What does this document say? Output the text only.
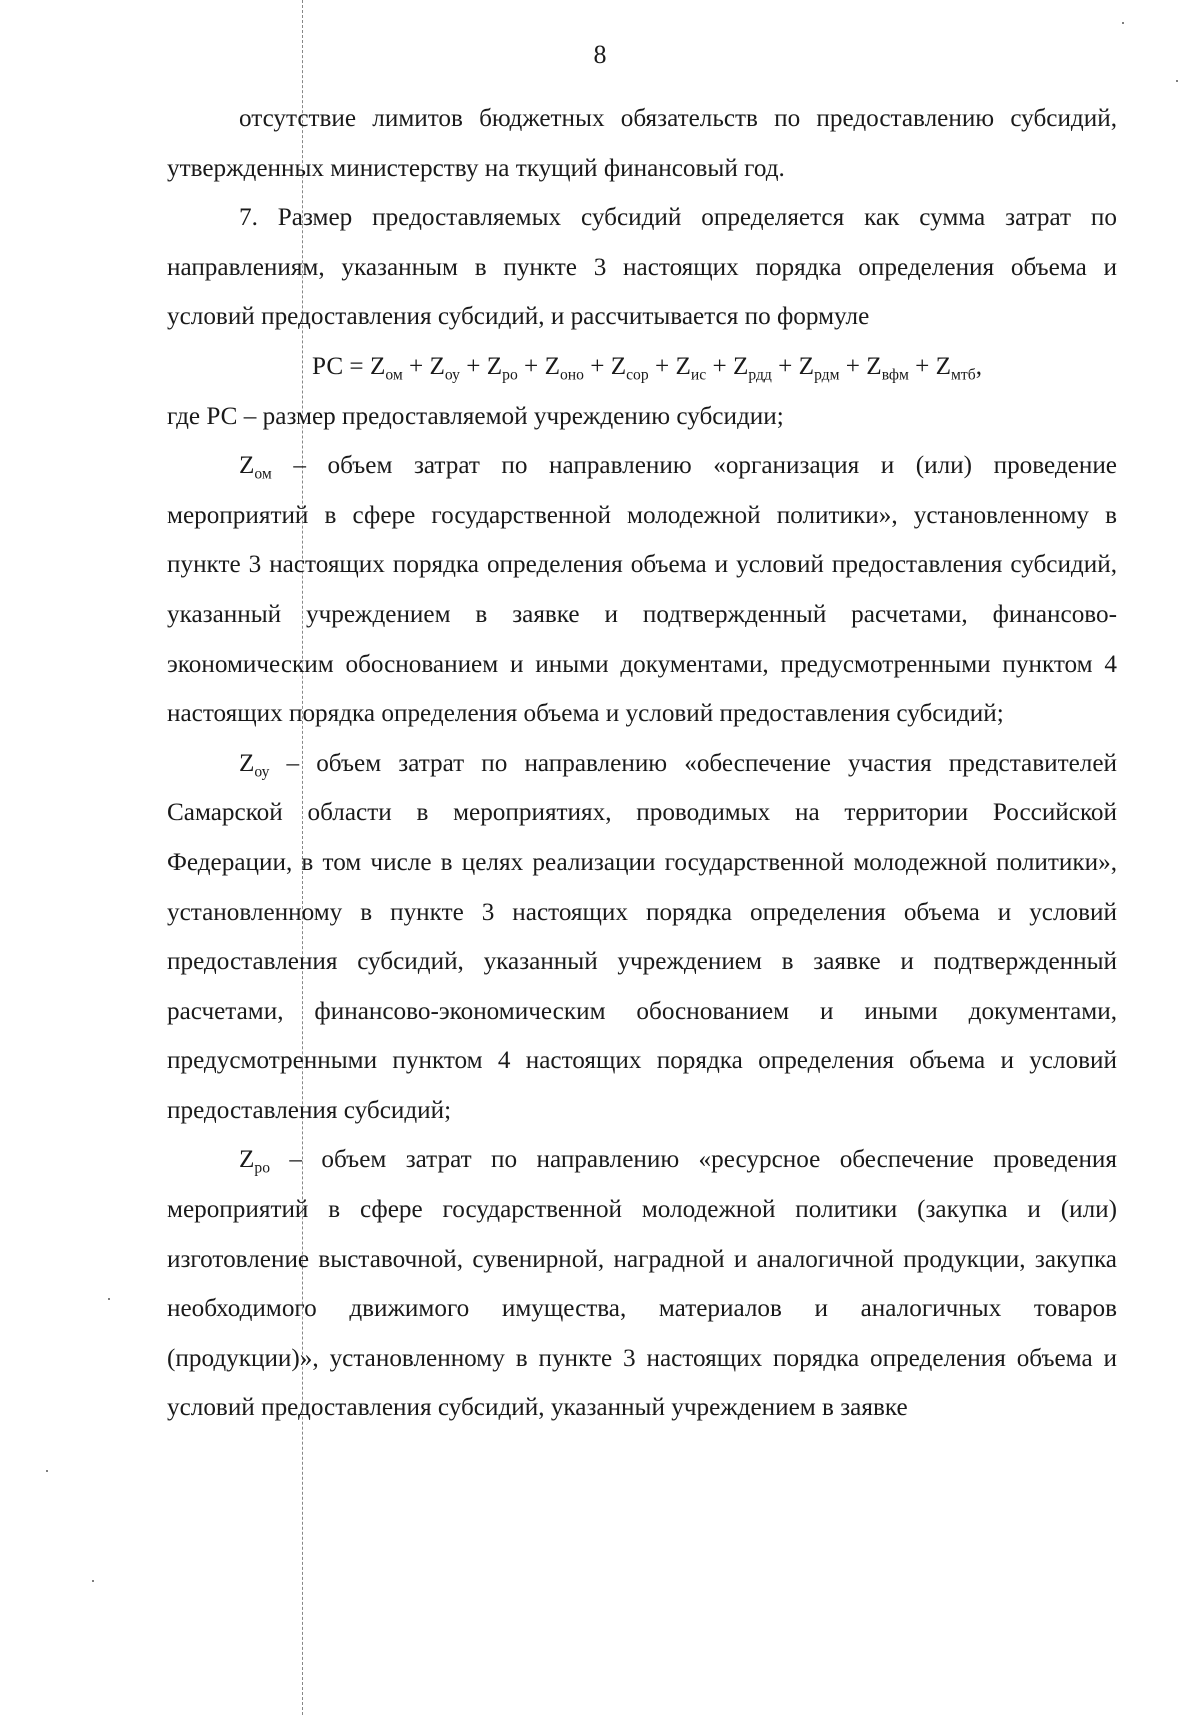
8

отсутствие лимитов бюджетных обязательств по предоставлению субсидий, утвержденных министерству на ткущий финансовый год.

7. Размер предоставляемых субсидий определяется как сумма затрат по направлениям, указанным в пункте 3 настоящих порядка определения объема и условий предоставления субсидий, и рассчитывается по формуле

РС = $Z_{ом} + Z_{оу} + Z_{ро} + Z_{оно} + Z_{сор} + Z_{ис} + Z_{рдд} + Z_{рдм} + Z_{вфм} + Z_{мтб}$,

где РС – размер предоставляемой учреждению субсидии;

$Z_{ом}$ – объем затрат по направлению «организация и (или) проведение мероприятий в сфере государственной молодежной политики», установленному в пункте 3 настоящих порядка определения объема и условий предоставления субсидий, указанный учреждением в заявке и подтвержденный расчетами, финансово-экономическим обоснованием и иными документами, предусмотренными пунктом 4 настоящих порядка определения объема и условий предоставления субсидий;

$Z_{оу}$ – объем затрат по направлению «обеспечение участия представителей Самарской области в мероприятиях, проводимых на территории Российской Федерации, в том числе в целях реализации государственной молодежной политики», установленному в пункте 3 настоящих порядка определения объема и условий предоставления субсидий, указанный учреждением в заявке и подтвержденный расчетами, финансово-экономическим обоснованием и иными документами, предусмотренными пунктом 4 настоящих порядка определения объема и условий предоставления субсидий;

$Z_{ро}$ – объем затрат по направлению «ресурсное обеспечение проведения мероприятий в сфере государственной молодежной политики (закупка и (или) изготовление выставочной, сувенирной, наградной и аналогичной продукции, закупка необходимого движимого имущества, материалов и аналогичных товаров (продукции)», установленному в пункте 3 настоящих порядка определения объема и условий предоставления субсидий, указанный учреждением в заявке
